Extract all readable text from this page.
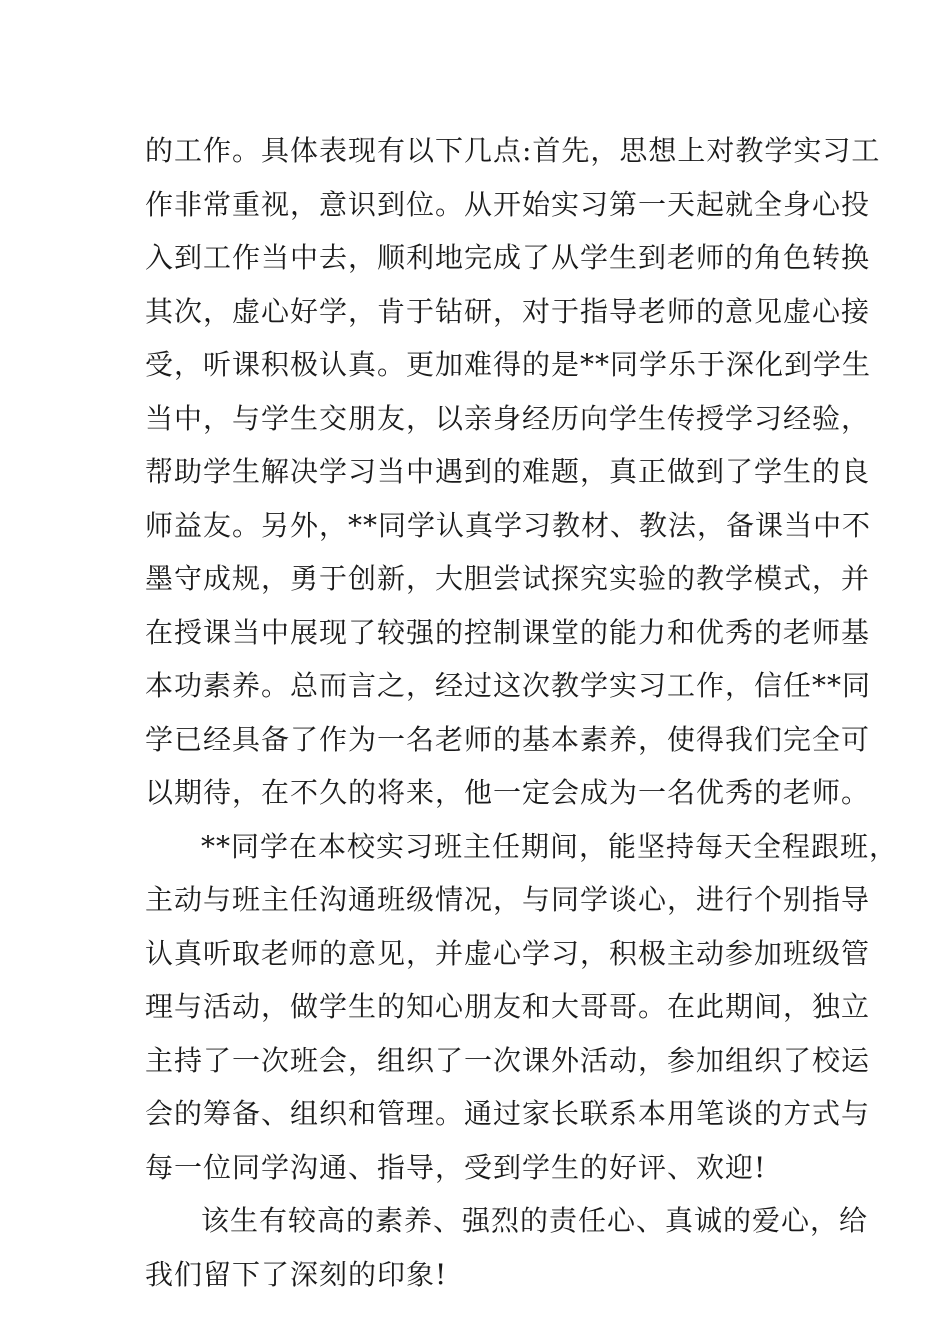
的工作。具体表现有以下几点:首先，思想上对教学实习工
作非常重视，意识到位。从开始实习第一天起就全身心投
入到工作当中去，顺利地完成了从学生到老师的角色转换
其次，虚心好学，肯于钻研，对于指导老师的意见虚心接
受，听课积极认真。更加难得的是**同学乐于深化到学生
当中，与学生交朋友，以亲身经历向学生传授学习经验，
帮助学生解决学习当中遇到的难题，真正做到了学生的良
师益友。另外，**同学认真学习教材、教法，备课当中不
墨守成规，勇于创新，大胆尝试探究实验的教学模式，并
在授课当中展现了较强的控制课堂的能力和优秀的老师基
本功素养。总而言之，经过这次教学实习工作，信任**同
学已经具备了作为一名老师的基本素养，使得我们完全可
以期待，在不久的将来，他一定会成为一名优秀的老师。
**同学在本校实习班主任期间，能坚持每天全程跟班，
主动与班主任沟通班级情况，与同学谈心，进行个别指导
认真听取老师的意见，并虚心学习，积极主动参加班级管
理与活动，做学生的知心朋友和大哥哥。在此期间，独立
主持了一次班会，组织了一次课外活动，参加组织了校运
会的筹备、组织和管理。通过家长联系本用笔谈的方式与
每一位同学沟通、指导，受到学生的好评、欢迎!
该生有较高的素养、强烈的责任心、真诚的爱心，给
我们留下了深刻的印象!
